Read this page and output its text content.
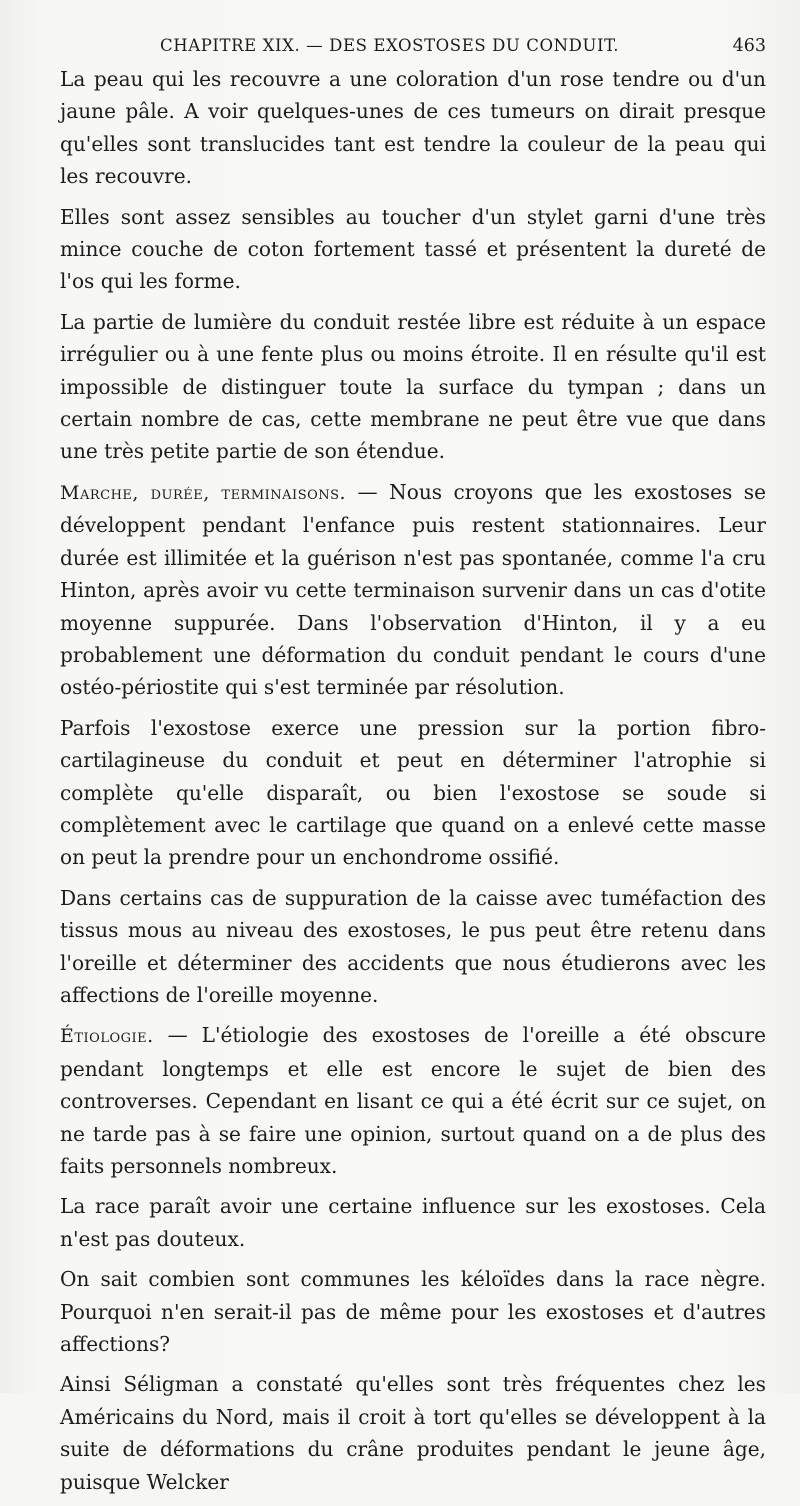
CHAPITRE XIX. — DES EXOSTOSES DU CONDUIT.	463

La peau qui les recouvre a une coloration d'un rose tendre ou d'un jaune pâle. A voir quelques-unes de ces tumeurs on dirait presque qu'elles sont translucides tant est tendre la couleur de la peau qui les recouvre.

Elles sont assez sensibles au toucher d'un stylet garni d'une très mince couche de coton fortement tassé et présentent la dureté de l'os qui les forme.

La partie de lumière du conduit restée libre est réduite à un espace irrégulier ou à une fente plus ou moins étroite. Il en résulte qu'il est impossible de distinguer toute la surface du tympan ; dans un certain nombre de cas, cette membrane ne peut être vue que dans une très petite partie de son étendue.

Marche, durée, terminaisons. — Nous croyons que les exostoses se développent pendant l'enfance puis restent stationnaires. Leur durée est illimitée et la guérison n'est pas spontanée, comme l'a cru Hinton, après avoir vu cette terminaison survenir dans un cas d'otite moyenne suppurée. Dans l'observation d'Hinton, il y a eu probablement une déformation du conduit pendant le cours d'une ostéo-périostite qui s'est terminée par résolution.

Parfois l'exostose exerce une pression sur la portion fibro-cartilagineuse du conduit et peut en déterminer l'atrophie si complète qu'elle disparaît, ou bien l'exostose se soude si complètement avec le cartilage que quand on a enlevé cette masse on peut la prendre pour un enchondrome ossifié.

Dans certains cas de suppuration de la caisse avec tuméfaction des tissus mous au niveau des exostoses, le pus peut être retenu dans l'oreille et déterminer des accidents que nous étudierons avec les affections de l'oreille moyenne.

Étiologie. — L'étiologie des exostoses de l'oreille a été obscure pendant longtemps et elle est encore le sujet de bien des controverses. Cependant en lisant ce qui a été écrit sur ce sujet, on ne tarde pas à se faire une opinion, surtout quand on a de plus des faits personnels nombreux.

La race paraît avoir une certaine influence sur les exostoses. Cela n'est pas douteux.

On sait combien sont communes les kéloïdes dans la race nègre. Pourquoi n'en serait-il pas de même pour les exostoses et d'autres affections?

Ainsi Séligman a constaté qu'elles sont très fréquentes chez les Américains du Nord, mais il croit à tort qu'elles se développent à la suite de déformations du crâne produites pendant le jeune âge, puisque Welcker
